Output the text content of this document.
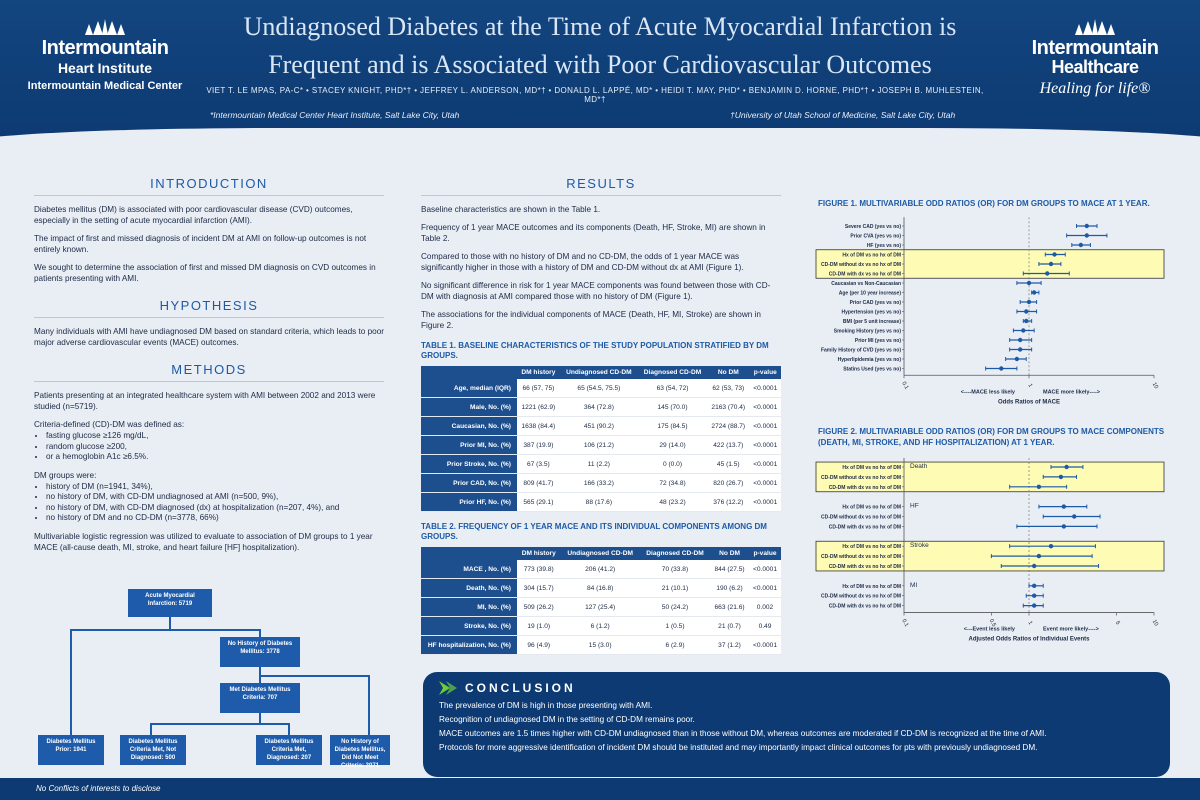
Intermountain
Heart Institute
Intermountain Medical Center
Undiagnosed Diabetes at the Time of Acute Myocardial Infarction is
Frequent and is Associated with Poor Cardiovascular Outcomes
VIET T. LE MPAS, PA-C* • STACEY KNIGHT, PHD*† • JEFFREY L. ANDERSON, MD*† • DONALD L. LAPPÉ, MD* • HEIDI T. MAY, PHD* • BENJAMIN D. HORNE, PHD*† • JOSEPH B. MUHLESTEIN, MD*†
*Intermountain Medical Center Heart Institute, Salt Lake City, Utah	†University of Utah School of Medicine, Salt Lake City, Utah
Intermountain
Healthcare
Healing for life®
INTRODUCTION

Diabetes mellitus (DM) is associated with poor cardiovascular disease (CVD) outcomes, especially in the setting of acute myocardial infarction (AMI).

The impact of first and missed diagnosis of incident DM at AMI on follow-up outcomes is not entirely known.

We sought to determine the association of first and missed DM diagnosis on CVD outcomes in patients presenting with AMI.

HYPOTHESIS

Many individuals with AMI have undiagnosed DM based on standard criteria, which leads to poor major adverse cardiovascular events (MACE) outcomes.

METHODS

Patients presenting at an integrated healthcare system with AMI between 2002 and 2013 were studied (n=5719).

Criteria-defined (CD)-DM was defined as:

• fasting glucose ≥126 mg/dL,
• random glucose ≥200,
• or a hemoglobin A1c ≥6.5%.

DM groups were:

• history of DM (n=1941, 34%),
• no history of DM, with CD-DM undiagnosed at AMI (n=500, 9%),
• no history of DM, with CD-DM diagnosed (dx) at hospitalization (n=207, 4%), and
• no history of DM and no CD-DM (n=3778, 66%)

Multivariable logistic regression was utilized to evaluate to association of DM groups to 1 year MACE (all-cause death, MI, stroke, and heart failure [HF] hospitalization).

Acute Myocardial Infarction: 5719
No History of Diabetes Mellitus: 3778
Met Diabetes Mellitus Criteria: 707
Diabetes Mellitus Prior: 1941
Diabetes Mellitus Criteria Met, Not Diagnosed: 500
Diabetes Mellitus Criteria Met, Diagnosed: 207
No History of Diabetes Mellitus, Did Not Meet Criteria: 3071
RESULTS

Baseline characteristics are shown in the Table 1.

Frequency of 1 year MACE outcomes and its components (Death, HF, Stroke, MI) are shown in Table 2.

Compared to those with no history of DM and no CD-DM, the odds of 1 year MACE was significantly higher in those with a history of DM and CD-DM without dx at AMI (Figure 1).

No significant difference in risk for 1 year MACE components was found between those with CD-DM with diagnosis at AMI compared those with no history of DM (Figure 1).

The associations for the individual components of MACE (Death, HF, MI, Stroke) are shown in Figure 2.

TABLE 1. BASELINE CHARACTERISTICS OF THE STUDY POPULATION STRATIFIED BY DM GROUPS.
	DM history	Undiagnosed CD-DM	Diagnosed CD-DM	No DM	p-value
Age, median (IQR)	66 (57, 75)	65 (54.5, 75.5)	63 (54, 72)	62 (53, 73)	<0.0001
Male, No. (%)	1221 (62.9)	364 (72.8)	145 (70.0)	2163 (70.4)	<0.0001
Caucasian, No. (%)	1638 (84.4)	451 (90.2)	175 (84.5)	2724 (88.7)	<0.0001
Prior MI, No. (%)	387 (19.9)	106 (21.2)	29 (14.0)	422 (13.7)	<0.0001
Prior Stroke, No. (%)	67 (3.5)	11 (2.2)	0 (0.0)	45 (1.5)	<0.0001
Prior CAD, No. (%)	809 (41.7)	166 (33.2)	72 (34.8)	820 (26.7)	<0.0001
Prior HF, No. (%)	565 (29.1)	88 (17.6)	48 (23.2)	376 (12.2)	<0.0001
TABLE 2. FREQUENCY OF 1 YEAR MACE AND ITS INDIVIDUAL COMPONENTS AMONG DM GROUPS.
	DM history	Undiagnosed CD-DM	Diagnosed CD-DM	No DM	p-value
MACE , No. (%)	773 (39.8)	206 (41.2)	70 (33.8)	844 (27.5)	<0.0001
Death, No. (%)	304 (15.7)	84 (16.8)	21 (10.1)	190 (6.2)	<0.0001
MI, No. (%)	509 (26.2)	127 (25.4)	50 (24.2)	663 (21.6)	0.002
Stroke, No. (%)	19 (1.0)	6 (1.2)	1 (0.5)	21 (0.7)	0.49
HF hospitalization, No. (%)	96 (4.9)	15 (3.0)	6 (2.9)	37 (1.2)	<0.0001
FIGURE 1. MULTIVARIABLE ODD RATIOS (OR) FOR DM GROUPS TO MACE AT 1 YEAR.
0.1	1	10
Severe CAD (yes vs no)
Prior CVA (yes vs no)
HF (yes vs no)
Hx of DM vs no hx of DM
CD-DM without dx vs no hx of DM
CD-DM with dx vs no hx of DM
Caucasian vs Non-Caucasian
Age (per 10 year increase)
Prior CAD (yes vs no)
Hypertension (yes vs no)
BMI (per 5 unit increase)
Smoking History (yes vs no)
Prior MI (yes vs no)
Family History of CVD (yes vs no)
Hyperlipidemia (yes vs no)
Statins Used (yes vs no)
<----MACE less likely	MACE more likely---->
Odds Ratios of MACE
FIGURE 2. MULTIVARIABLE ODD RATIOS (OR) FOR DM GROUPS TO MACE COMPONENTS (DEATH, MI, STROKE, AND HF HOSPITALIZATION) AT 1 YEAR.
0.1	0.5	1	5	10
Hx of DM vs no hx of DM
CD-DM without dx vs no hx of DM
CD-DM with dx vs no hx of DM
Hx of DM vs no hx of DM
CD-DM without dx vs no hx of DM
CD-DM with dx vs no hx of DM
Hx of DM vs no hx of DM
CD-DM without dx vs no hx of DM
CD-DM with dx vs no hx of DM
Hx of DM vs no hx of DM
CD-DM without dx vs no hx of DM
CD-DM with dx vs no hx of DM
Death
HF
Stroke
MI
<---Event less likely	Event more likely---->
Adjusted Odds Ratios of Individual Events
CONCLUSION
The prevalence of DM is high in those presenting with AMI.
Recognition of undiagnosed DM in the setting of CD-DM remains poor.
MACE outcomes are 1.5 times higher with CD-DM undiagnosed than in those without DM, whereas outcomes are moderated if CD-DM is recognized at the time of AMI.
Protocols for more aggressive identification of incident DM should be instituted and may importantly impact clinical outcomes for pts with previously undiagnosed DM.
No Conflicts of interests to disclose
